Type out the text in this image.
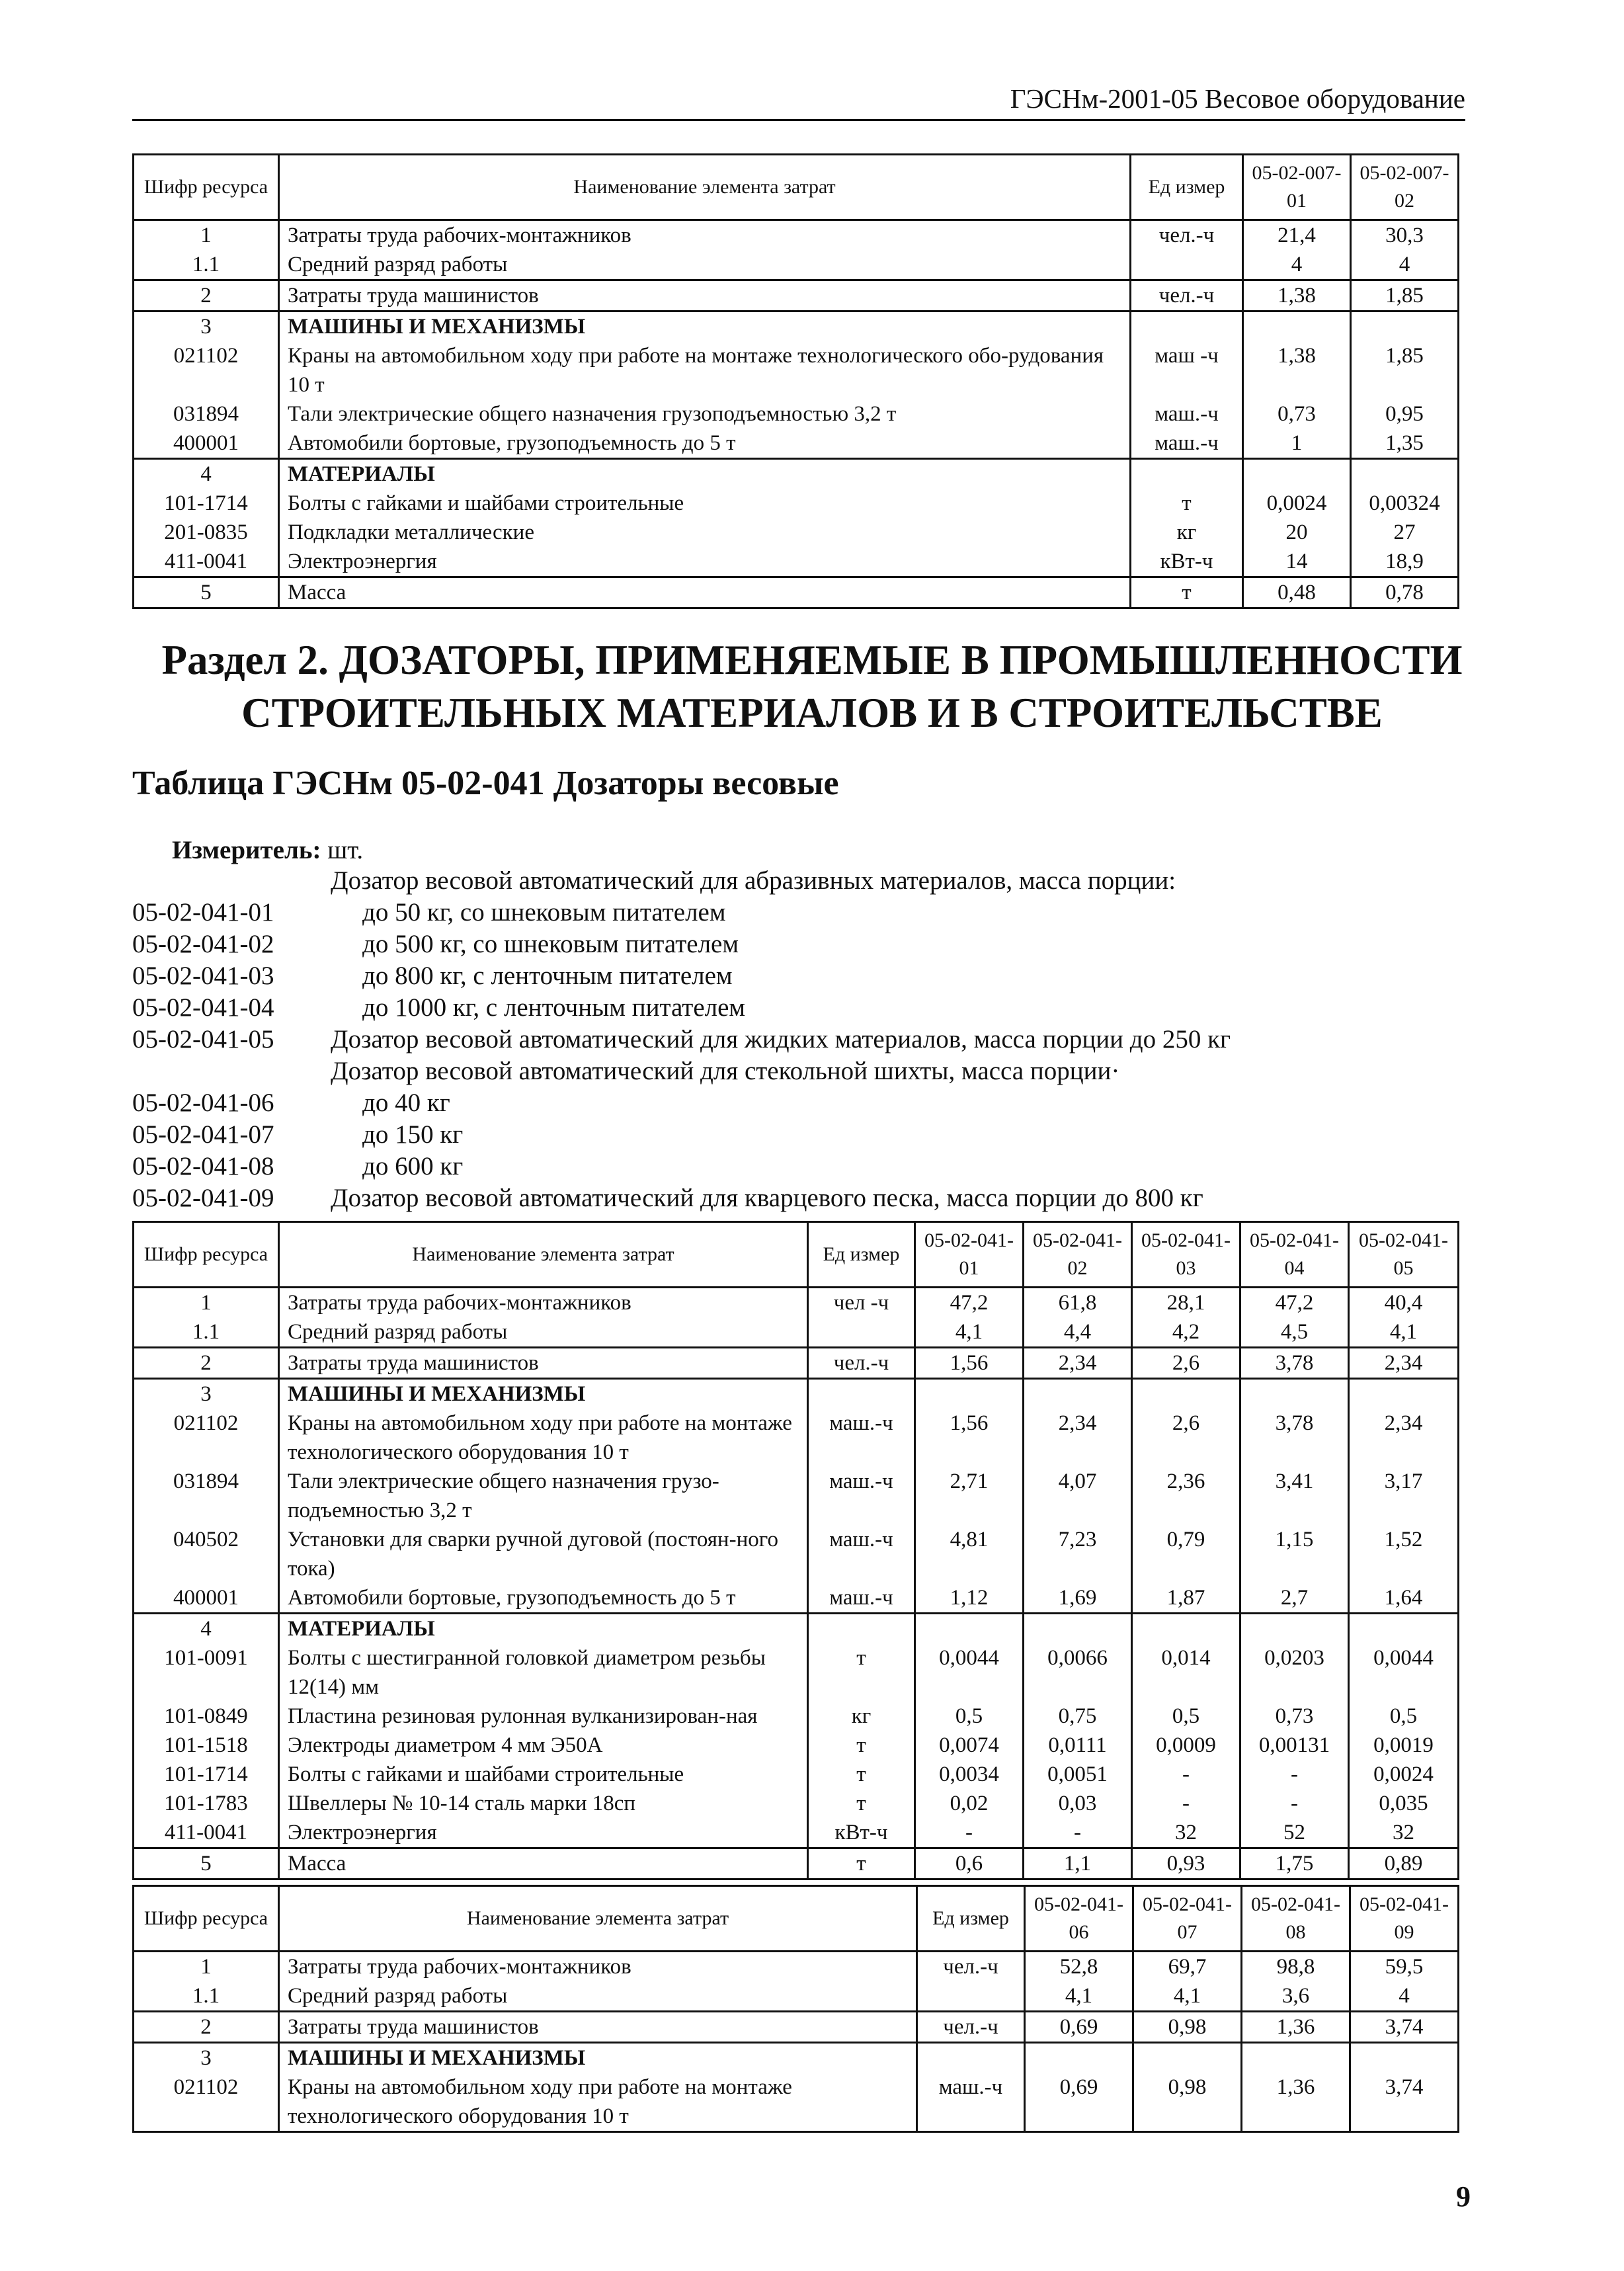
ГЭСНм-2001-05 Весовое оборудование
Шифр ресурса	Наименование элемента затрат	Ед измер	05-02-007-01	05-02-007-02
1	Затраты труда рабочих-монтажников	чел.-ч	21,4	30,3
1.1	Средний разряд работы		4	4
2	Затраты труда машинистов	чел.-ч	1,38	1,85
3	МАШИНЫ И МЕХАНИЗМЫ			
021102	Краны на автомобильном ходу при работе на монтаже технологического обо-рудования 10 т	маш -ч	1,38	1,85
031894	Тали электрические общего назначения грузоподъемностью 3,2 т	маш.-ч	0,73	0,95
400001	Автомобили бортовые, грузоподъемность до 5 т	маш.-ч	1	1,35
4	МАТЕРИАЛЫ			
101-1714	Болты с гайками и шайбами строительные	т	0,0024	0,00324
201-0835	Подкладки металлические	кг	20	27
411-0041	Электроэнергия	кВт-ч	14	18,9
5	Масса	т	0,48	0,78
Раздел 2. ДОЗАТОРЫ, ПРИМЕНЯЕМЫЕ В ПРОМЫШЛЕННОСТИ
СТРОИТЕЛЬНЫХ МАТЕРИАЛОВ И В СТРОИТЕЛЬСТВЕ
Таблица ГЭСНм 05-02-041 Дозаторы весовые
Измеритель: шт.
Дозатор весовой автоматический для абразивных материалов, масса порции:
05-02-041-01	до 50 кг, со шнековым питателем
05-02-041-02	до 500 кг, со шнековым питателем
05-02-041-03	до 800 кг, с ленточным питателем
05-02-041-04	до 1000 кг, с ленточным питателем
05-02-041-05 Дозатор весовой автоматический для жидких материалов, масса порции до 250 кг
Дозатор весовой автоматический для стекольной шихты, масса порции·
05-02-041-06	до 40 кг
05-02-041-07	до 150 кг
05-02-041-08	до 600 кг
05-02-041-09 Дозатор весовой автоматический для кварцевого песка, масса порции до 800 кг
Шифр ресурса	Наименование элемента затрат	Ед измер	05-02-041-01	05-02-041-02	05-02-041-03	05-02-041-04	05-02-041-05
1	Затраты труда рабочих-монтажников	чел -ч	47,2	61,8	28,1	47,2	40,4
1.1	Средний разряд работы		4,1	4,4	4,2	4,5	4,1
2	Затраты труда машинистов	чел.-ч	1,56	2,34	2,6	3,78	2,34
3	МАШИНЫ И МЕХАНИЗМЫ						
021102	Краны на автомобильном ходу при работе на монтаже технологического оборудования 10 т	маш.-ч	1,56	2,34	2,6	3,78	2,34
031894	Тали электрические общего назначения грузо-подъемностью 3,2 т	маш.-ч	2,71	4,07	2,36	3,41	3,17
040502	Установки для сварки ручной дуговой (постоян-ного тока)	маш.-ч	4,81	7,23	0,79	1,15	1,52
400001	Автомобили бортовые, грузоподъемность до 5 т	маш.-ч	1,12	1,69	1,87	2,7	1,64
4	МАТЕРИАЛЫ						
101-0091	Болты с шестигранной головкой диаметром резьбы 12(14) мм	т	0,0044	0,0066	0,014	0,0203	0,0044
101-0849	Пластина резиновая рулонная вулканизирован-ная	кг	0,5	0,75	0,5	0,73	0,5
101-1518	Электроды диаметром 4 мм Э50А	т	0,0074	0,0111	0,0009	0,00131	0,0019
101-1714	Болты с гайками и шайбами строительные	т	0,0034	0,0051	-	-	0,0024
101-1783	Швеллеры № 10-14 сталь марки 18сп	т	0,02	0,03	-	-	0,035
411-0041	Электроэнергия	кВт-ч	-	-	32	52	32
5	Масса	т	0,6	1,1	0,93	1,75	0,89
Шифр ресурса	Наименование элемента затрат	Ед измер	05-02-041-06	05-02-041-07	05-02-041-08	05-02-041-09
1	Затраты труда рабочих-монтажников	чел.-ч	52,8	69,7	98,8	59,5
1.1	Средний разряд работы		4,1	4,1	3,6	4
2	Затраты труда машинистов	чел.-ч	0,69	0,98	1,36	3,74
3	МАШИНЫ И МЕХАНИЗМЫ					
021102	Краны на автомобильном ходу при работе на монтаже технологического оборудования 10 т	маш.-ч	0,69	0,98	1,36	3,74
9
